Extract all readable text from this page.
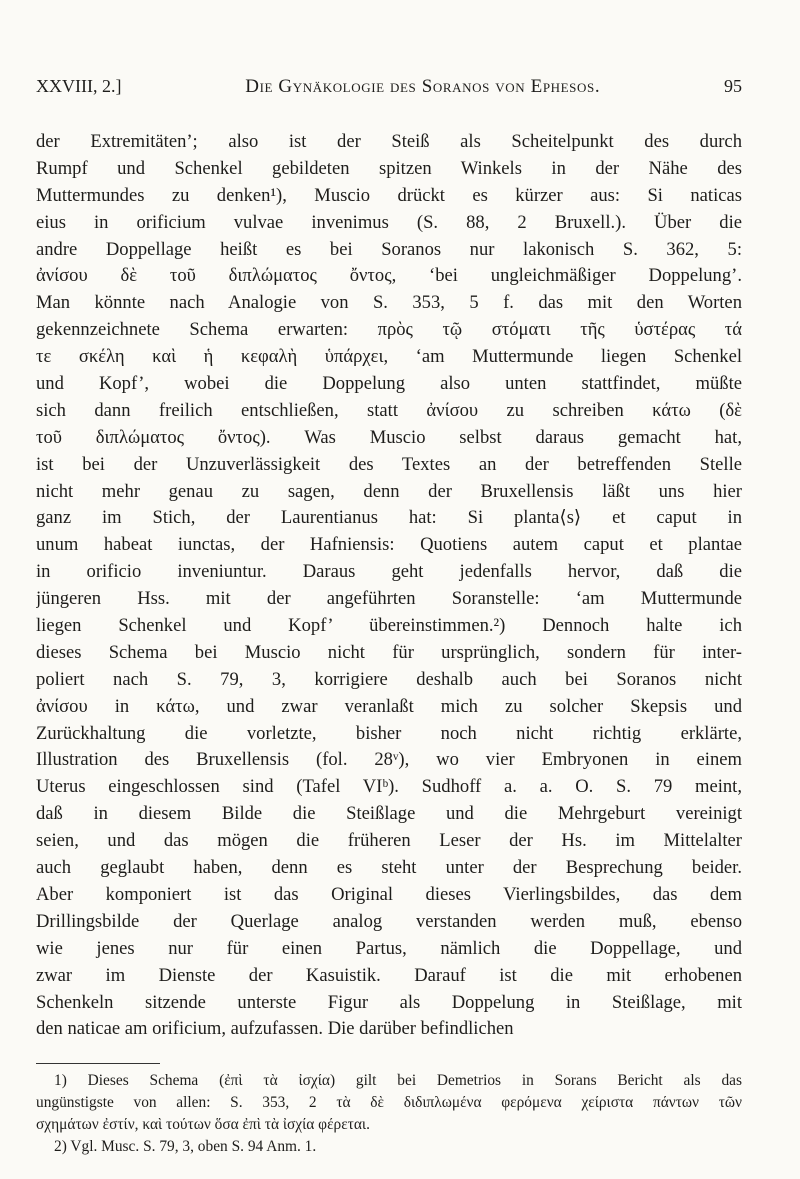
XXVIII, 2.]	Die Gynäkologie des Soranos von Ephesos.	95
der Extremitäten’; also ist der Steiß als Scheitelpunkt des durch
Rumpf und Schenkel gebildeten spitzen Winkels in der Nähe des
Muttermundes zu denken¹), Muscio drückt es kürzer aus: Si naticas
eius in orificium vulvae invenimus (S. 88, 2 Bruxell.). Über die
andre Doppellage heißt es bei Soranos nur lakonisch S. 362, 5:
ἀνίσου δὲ τοῦ διπλώματος ὄντος, ‘bei ungleichmäßiger Doppelung’.
Man könnte nach Analogie von S. 353, 5 f. das mit den Worten
gekennzeichnete Schema erwarten: πρὸς τῷ στόματι τῆς ὑστέρας τά
τε σκέλη καὶ ἡ κεφαλὴ ὑπάρχει, ‘am Muttermunde liegen Schenkel
und Kopf’, wobei die Doppelung also unten stattfindet, müßte
sich dann freilich entschließen, statt ἀνίσου zu schreiben κάτω (δὲ
τοῦ διπλώματος ὄντος). Was Muscio selbst daraus gemacht hat,
ist bei der Unzuverlässigkeit des Textes an der betreffenden Stelle
nicht mehr genau zu sagen, denn der Bruxellensis läßt uns hier
ganz im Stich, der Laurentianus hat: Si planta⟨s⟩ et caput in
unum habeat iunctas, der Hafniensis: Quotiens autem caput et plantae
in orificio inveniuntur. Daraus geht jedenfalls hervor, daß die
jüngeren Hss. mit der angeführten Soranstelle: ‘am Muttermunde
liegen Schenkel und Kopf’ übereinstimmen.²) Dennoch halte ich
dieses Schema bei Muscio nicht für ursprünglich, sondern für inter-
poliert nach S. 79, 3, korrigiere deshalb auch bei Soranos nicht
ἀνίσου in κάτω, und zwar veranlaßt mich zu solcher Skepsis und
Zurückhaltung die vorletzte, bisher noch nicht richtig erklärte,
Illustration des Bruxellensis (fol. 28ᵛ), wo vier Embryonen in einem
Uterus eingeschlossen sind (Tafel VIᵇ). Sudhoff a. a. O. S. 79 meint,
daß in diesem Bilde die Steißlage und die Mehrgeburt vereinigt
seien, und das mögen die früheren Leser der Hs. im Mittelalter
auch geglaubt haben, denn es steht unter der Besprechung beider.
Aber komponiert ist das Original dieses Vierlingsbildes, das dem
Drillingsbilde der Querlage analog verstanden werden muß, ebenso
wie jenes nur für einen Partus, nämlich die Doppellage, und
zwar im Dienste der Kasuistik. Darauf ist die mit erhobenen
Schenkeln sitzende unterste Figur als Doppelung in Steißlage, mit
den naticae am orificium, aufzufassen. Die darüber befindlichen
1) Dieses Schema (ἐπὶ τὰ ἰσχία) gilt bei Demetrios in Sorans Bericht als das
ungünstigste von allen: S. 353, 2 τὰ δὲ διδιπλωμένα φερόμενα χείριστα πάντων τῶν
σχημάτων ἐστίν, καὶ τούτων ὅσα ἐπὶ τὰ ἰσχία φέρεται.
2) Vgl. Musc. S. 79, 3, oben S. 94 Anm. 1.
